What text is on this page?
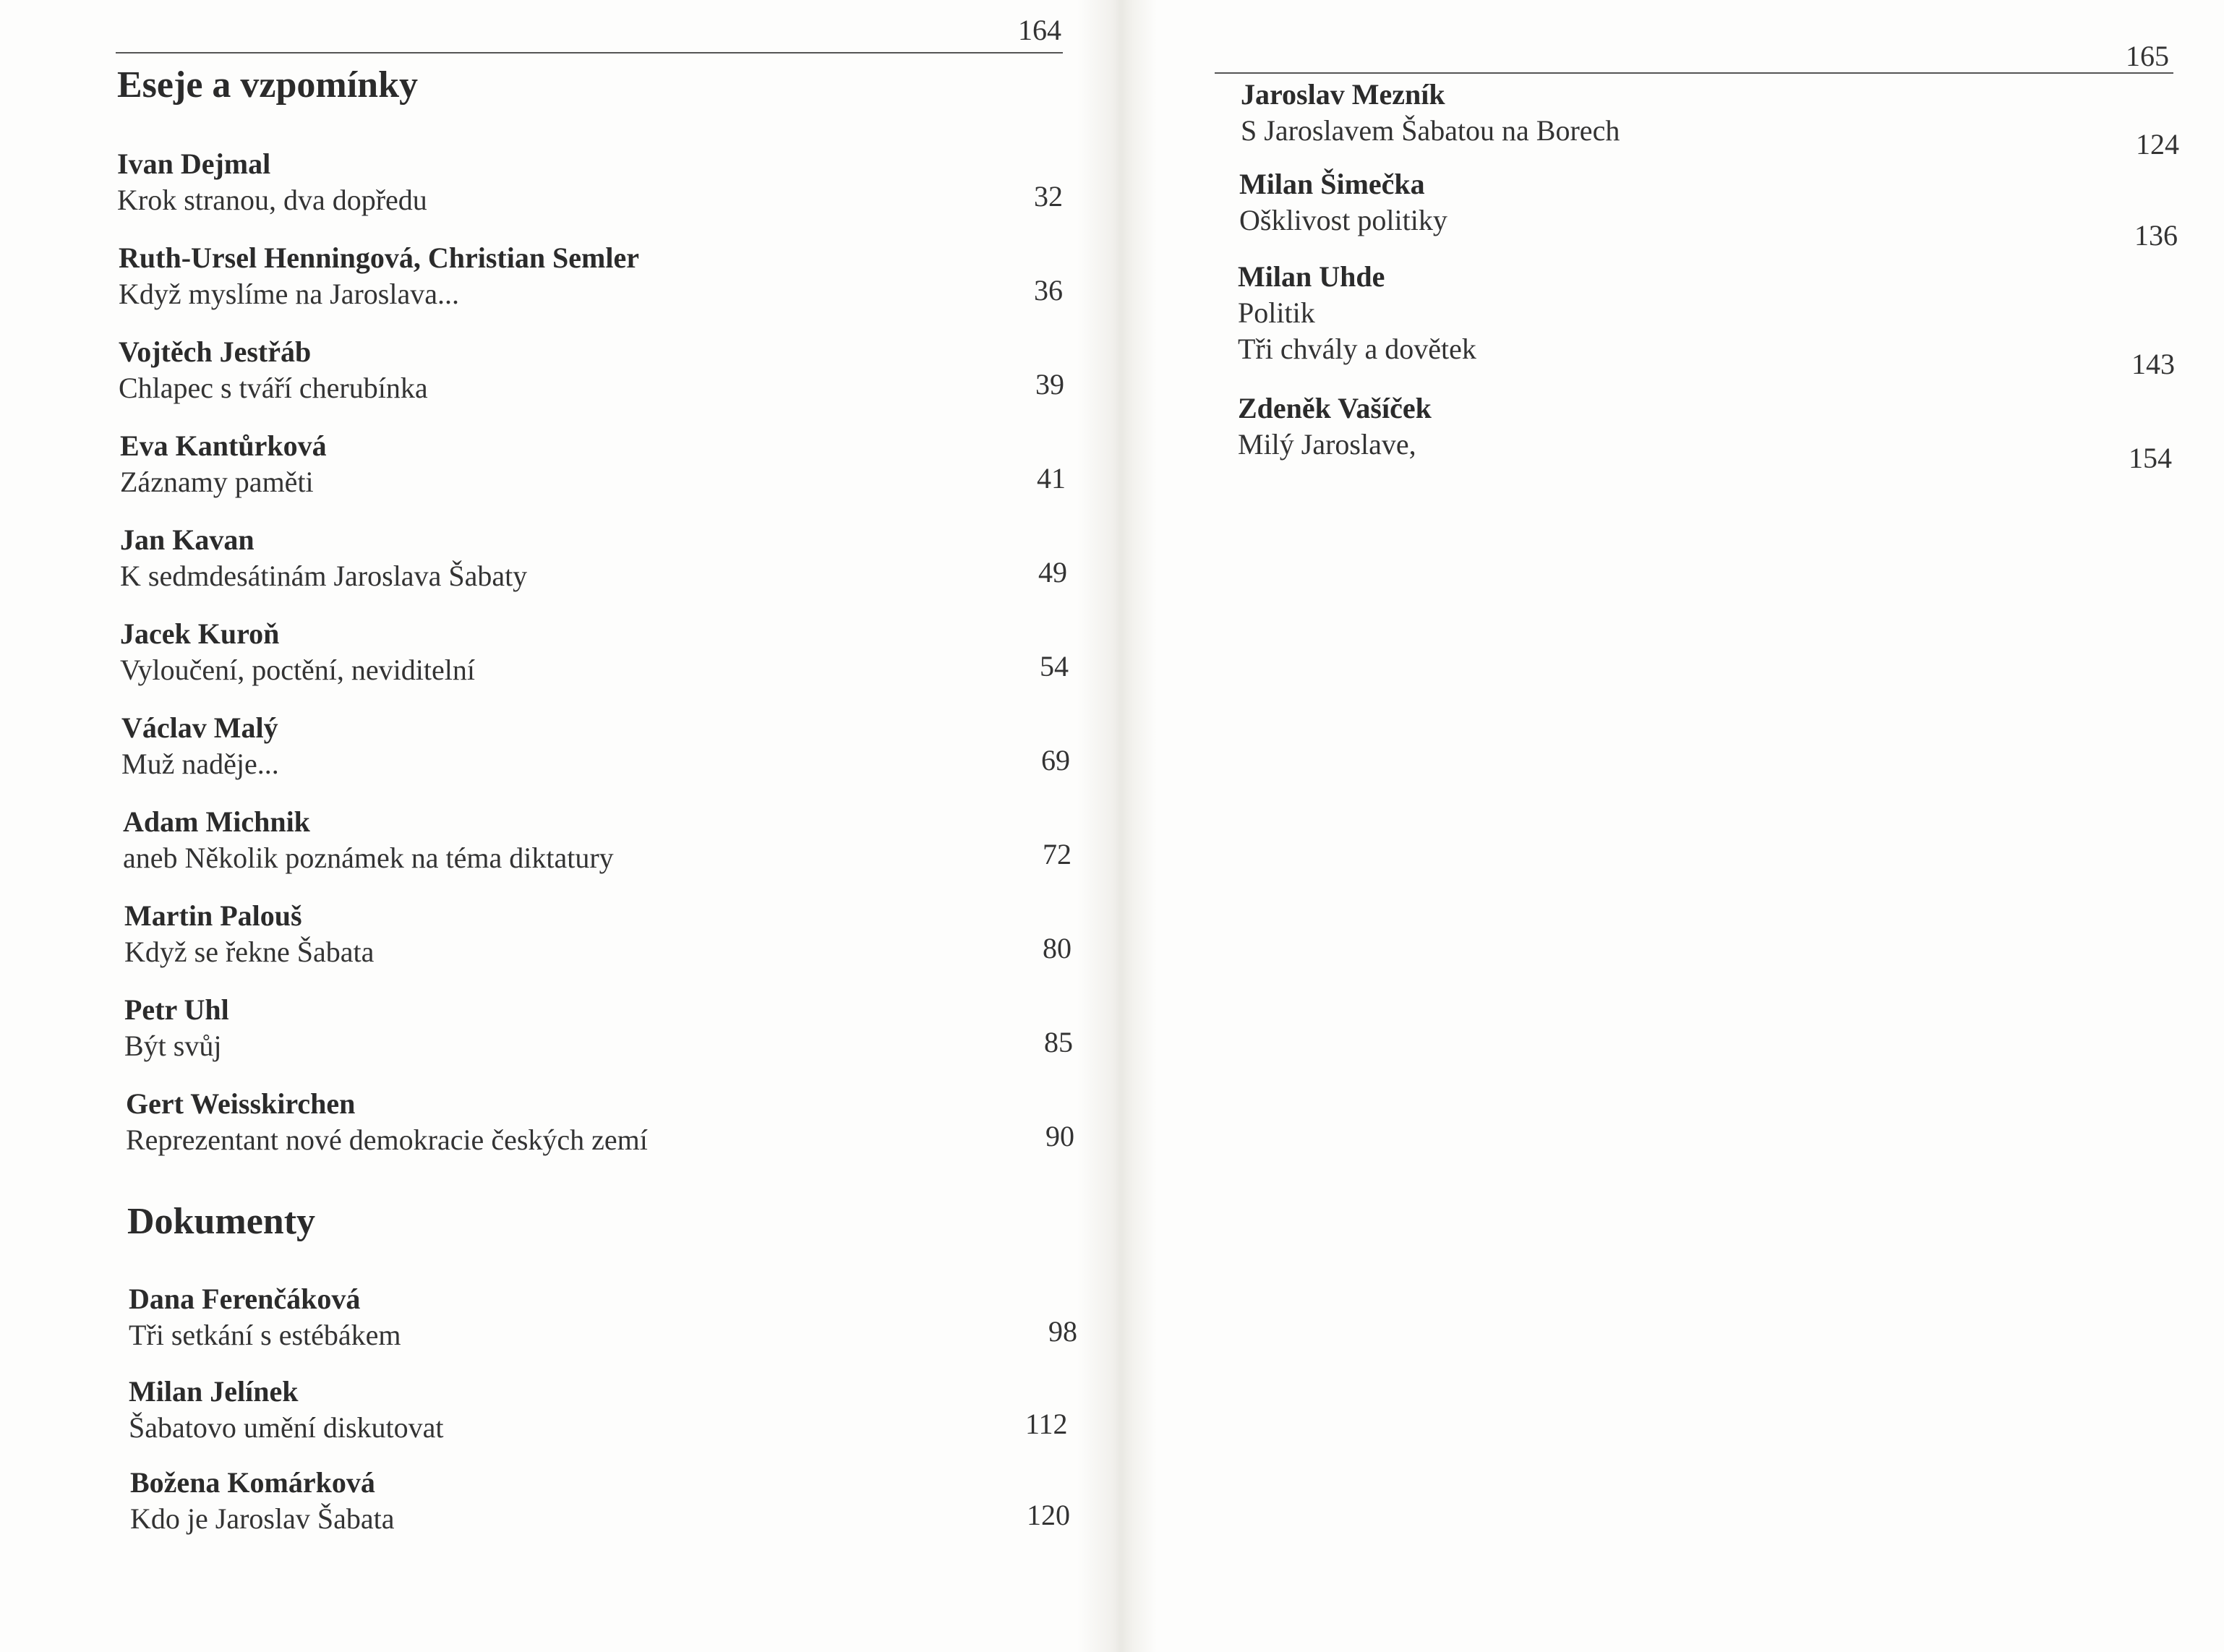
164
Eseje a vzpomínky
Ivan Dejmal
Krok stranou, dva dopředu	32
Ruth-Ursel Henningová, Christian Semler
Když myslíme na Jaroslava...	36
Vojtěch Jestřáb
Chlapec s tváří cherubínka	39
Eva Kantůrková
Záznamy paměti	41
Jan Kavan
K sedmdesátinám Jaroslava Šabaty	49
Jacek Kuroň
Vyloučení, poctění, neviditelní	54
Václav Malý
Muž naděje...	69
Adam Michnik
aneb Několik poznámek na téma diktatury	72
Martin Palouš
Když se řekne Šabata	80
Petr Uhl
Být svůj	85
Gert Weisskirchen
Reprezentant nové demokracie českých zemí	90
Dokumenty
Dana Ferenčáková
Tři setkání s estébákem	98
Milan Jelínek
Šabatovo umění diskutovat	112
Božena Komárková
Kdo je Jaroslav Šabata	120
165
Jaroslav Mezník
S Jaroslavem Šabatou na Borech	124
Milan Šimečka
Ošklivost politiky	136
Milan Uhde
Politik
Tři chvály a dovětek	143
Zdeněk Vašíček
Milý Jaroslave,	154
